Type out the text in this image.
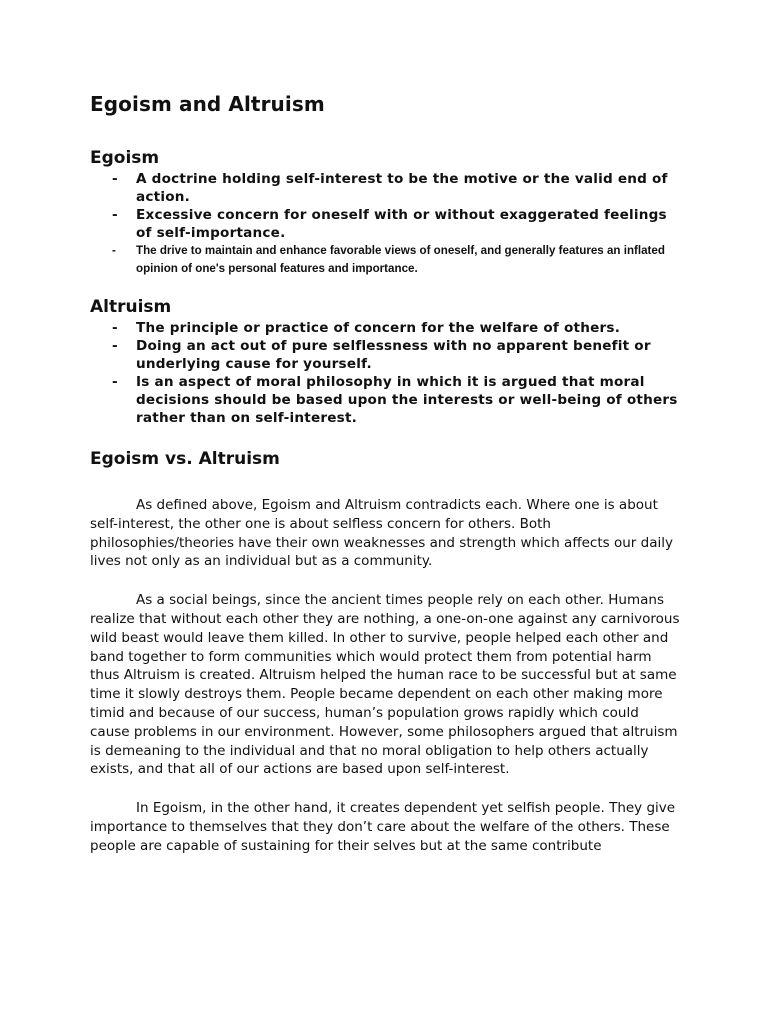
Egoism and Altruism
Egoism
- A doctrine holding self-interest to be the motive or the valid end of action.
- Excessive concern for oneself with or without exaggerated feelings of self-importance.
- The drive to maintain and enhance favorable views of oneself, and generally features an inflated opinion of one's personal features and importance.
Altruism
- The principle or practice of concern for the welfare of others.
- Doing an act out of pure selflessness with no apparent benefit or underlying cause for yourself.
- Is an aspect of moral philosophy in which it is argued that moral decisions should be based upon the interests or well-being of others rather than on self-interest.
Egoism vs. Altruism

As defined above, Egoism and Altruism contradicts each. Where one is about self-interest, the other one is about selfless concern for others. Both philosophies/theories have their own weaknesses and strength which affects our daily lives not only as an individual but as a community.

As a social beings, since the ancient times people rely on each other. Humans realize that without each other they are nothing, a one-on-one against any carnivorous wild beast would leave them killed. In other to survive, people helped each other and band together to form communities which would protect them from potential harm thus Altruism is created. Altruism helped the human race to be successful but at same time it slowly destroys them. People became dependent on each other making more timid and because of our success, human’s population grows rapidly which could cause problems in our environment. However, some philosophers argued that altruism is demeaning to the individual and that no moral obligation to help others actually exists, and that all of our actions are based upon self-interest.

In Egoism, in the other hand, it creates dependent yet selfish people. They give importance to themselves that they don’t care about the welfare of the others. These people are capable of sustaining for their selves but at the same contribute
